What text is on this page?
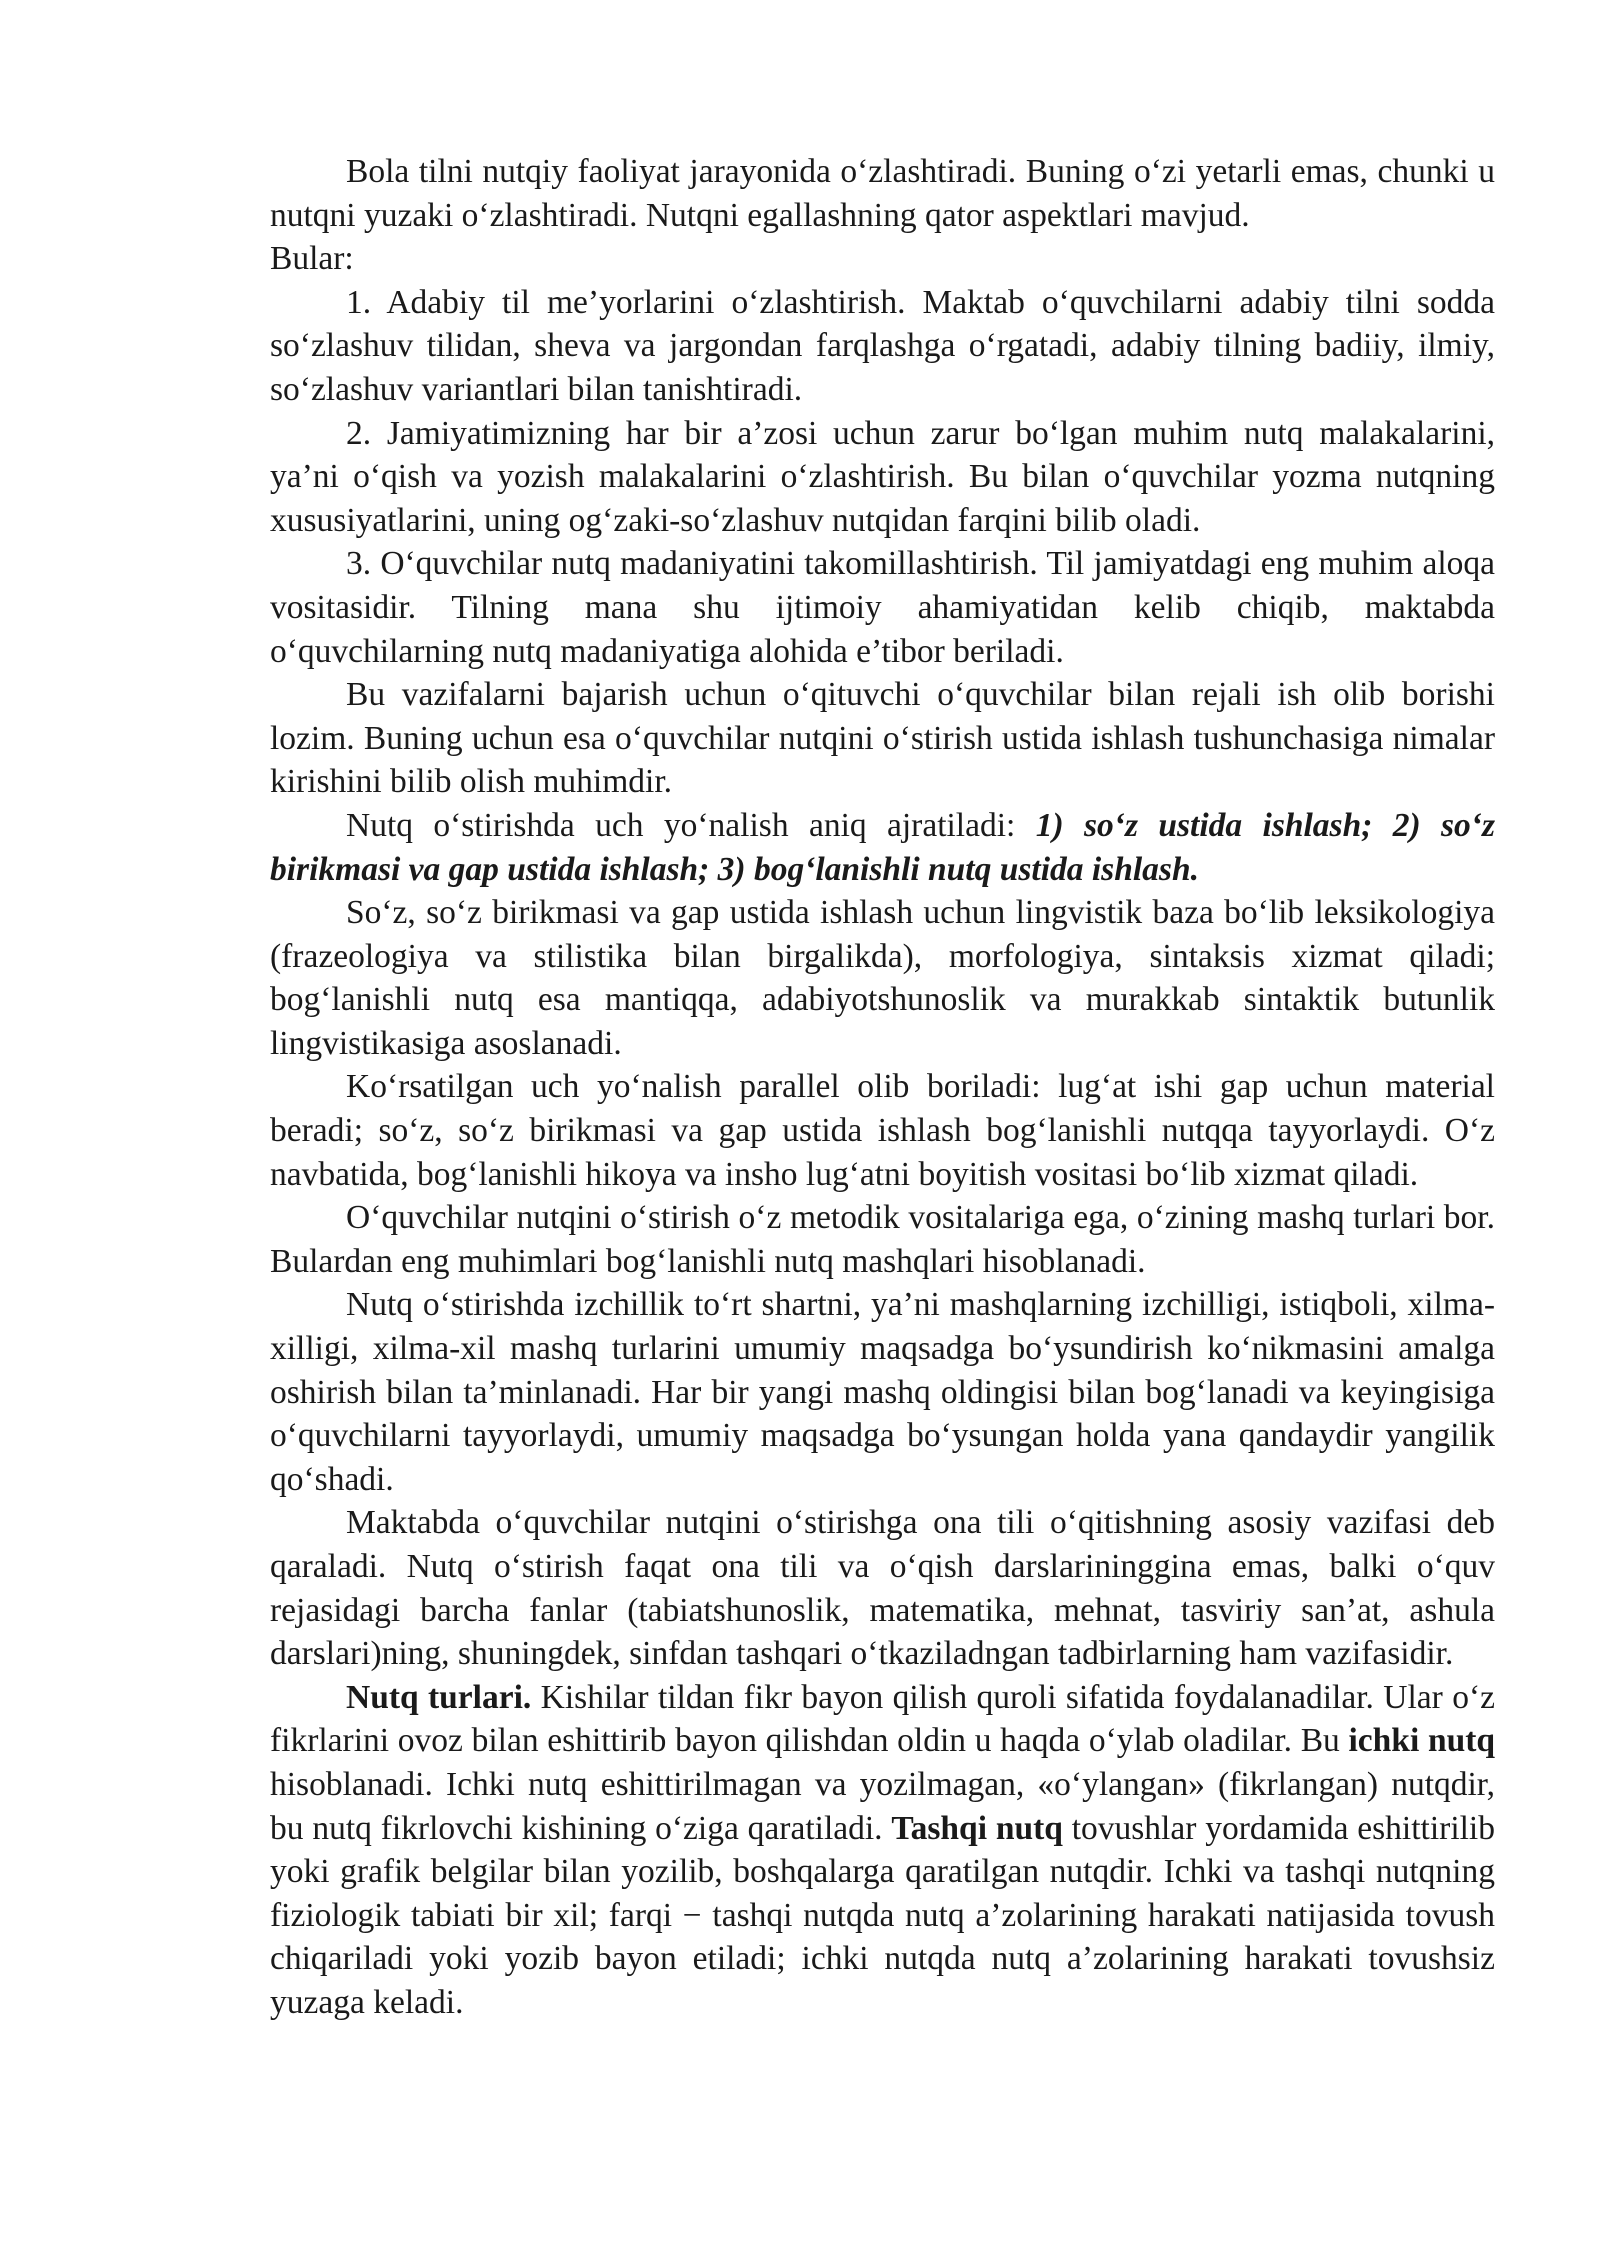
Bola tilni nutqiy faoliyat jarayonida o‘zlashtiradi. Buning o‘zi yetarli emas, chunki u nutqni yuzaki o‘zlashtiradi. Nutqni egallashning qator aspektlari mavjud.

Bular:

1. Adabiy til me’yorlarini o‘zlashtirish. Maktab o‘quvchilarni adabiy tilni sodda so‘zlashuv tilidan, sheva va jargondan farqlashga o‘rgatadi, adabiy tilning badiiy, ilmiy, so‘zlashuv variantlari bilan tanishtiradi.

2. Jamiyatimizning har bir a’zosi uchun zarur bo‘lgan muhim nutq malakalarini, ya’ni o‘qish va yozish malakalarini o‘zlashtirish. Bu bilan o‘quvchilar yozma nutqning xususiyatlarini, uning og‘zaki-so‘zlashuv nutqidan farqini bilib oladi.

3. O‘quvchilar nutq madaniyatini takomillashtirish. Til jamiyatdagi eng muhim aloqa vositasidir. Tilning mana shu ijtimoiy ahamiyatidan kelib chiqib, maktabda o‘quvchilarning nutq madaniyatiga alohida e’tibor beriladi.

Bu vazifalarni bajarish uchun o‘qituvchi o‘quvchilar bilan rejali ish olib borishi lozim. Buning uchun esa o‘quvchilar nutqini o‘stirish ustida ishlash tushunchasiga nimalar kirishini bilib olish muhimdir.

Nutq o‘stirishda uch yo‘nalish aniq ajratiladi: 1) so‘z ustida ishlash; 2) so‘z birikmasi va gap ustida ishlash; 3) bog‘lanishli nutq ustida ishlash.

So‘z, so‘z birikmasi va gap ustida ishlash uchun lingvistik baza bo‘lib leksikologiya (frazeologiya va stilistika bilan birgalikda), morfologiya, sintaksis xizmat qiladi; bog‘lanishli nutq esa mantiqqa, adabiyotshunoslik va murakkab sintaktik butunlik lingvistikasiga asoslanadi.

Ko‘rsatilgan uch yo‘nalish parallel olib boriladi: lug‘at ishi gap uchun material beradi; so‘z, so‘z birikmasi va gap ustida ishlash bog‘lanishli nutqqa tayyorlaydi. O‘z navbatida, bog‘lanishli hikoya va insho lug‘atni boyitish vositasi bo‘lib xizmat qiladi.

O‘quvchilar nutqini o‘stirish o‘z metodik vositalariga ega, o‘zining mashq turlari bor. Bulardan eng muhimlari bog‘lanishli nutq mashqlari hisoblanadi.

Nutq o‘stirishda izchillik to‘rt shartni, ya’ni mashqlarning izchilligi, istiqboli, xilma-xilligi, xilma-xil mashq turlarini umumiy maqsadga bo‘ysundirish ko‘nikmasini amalga oshirish bilan ta’minlanadi. Har bir yangi mashq oldingisi bilan bog‘lanadi va keyingisiga o‘quvchilarni tayyorlaydi, umumiy maqsadga bo‘ysungan holda yana qandaydir yangilik qo‘shadi.

Maktabda o‘quvchilar nutqini o‘stirishga ona tili o‘qitishning asosiy vazifasi deb qaraladi. Nutq o‘stirish faqat ona tili va o‘qish darslarininggina emas, balki o‘quv rejasidagi barcha fanlar (tabiatshunoslik, matematika, mehnat, tasviriy san’at, ashula darslari)ning, shuningdek, sinfdan tashqari o‘tkaziladngan tadbirlarning ham vazifasidir.

Nutq turlari. Kishilar tildan fikr bayon qilish quroli sifatida foydalanadilar. Ular o‘z fikrlarini ovoz bilan eshittirib bayon qilishdan oldin u haqda o‘ylab oladilar. Bu ichki nutq hisoblanadi. Ichki nutq eshittirilmagan va yozilmagan, «o‘ylangan» (fikrlangan) nutqdir, bu nutq fikrlovchi kishining o‘ziga qaratiladi. Tashqi nutq tovushlar yordamida eshittirilib yoki grafik belgilar bilan yozilib, boshqalarga qaratilgan nutqdir. Ichki va tashqi nutqning fiziologik tabiati bir xil; farqi − tashqi nutqda nutq a’zolarining harakati natijasida tovush chiqariladi yoki yozib bayon etiladi; ichki nutqda nutq a’zolarining harakati tovushsiz yuzaga keladi.
